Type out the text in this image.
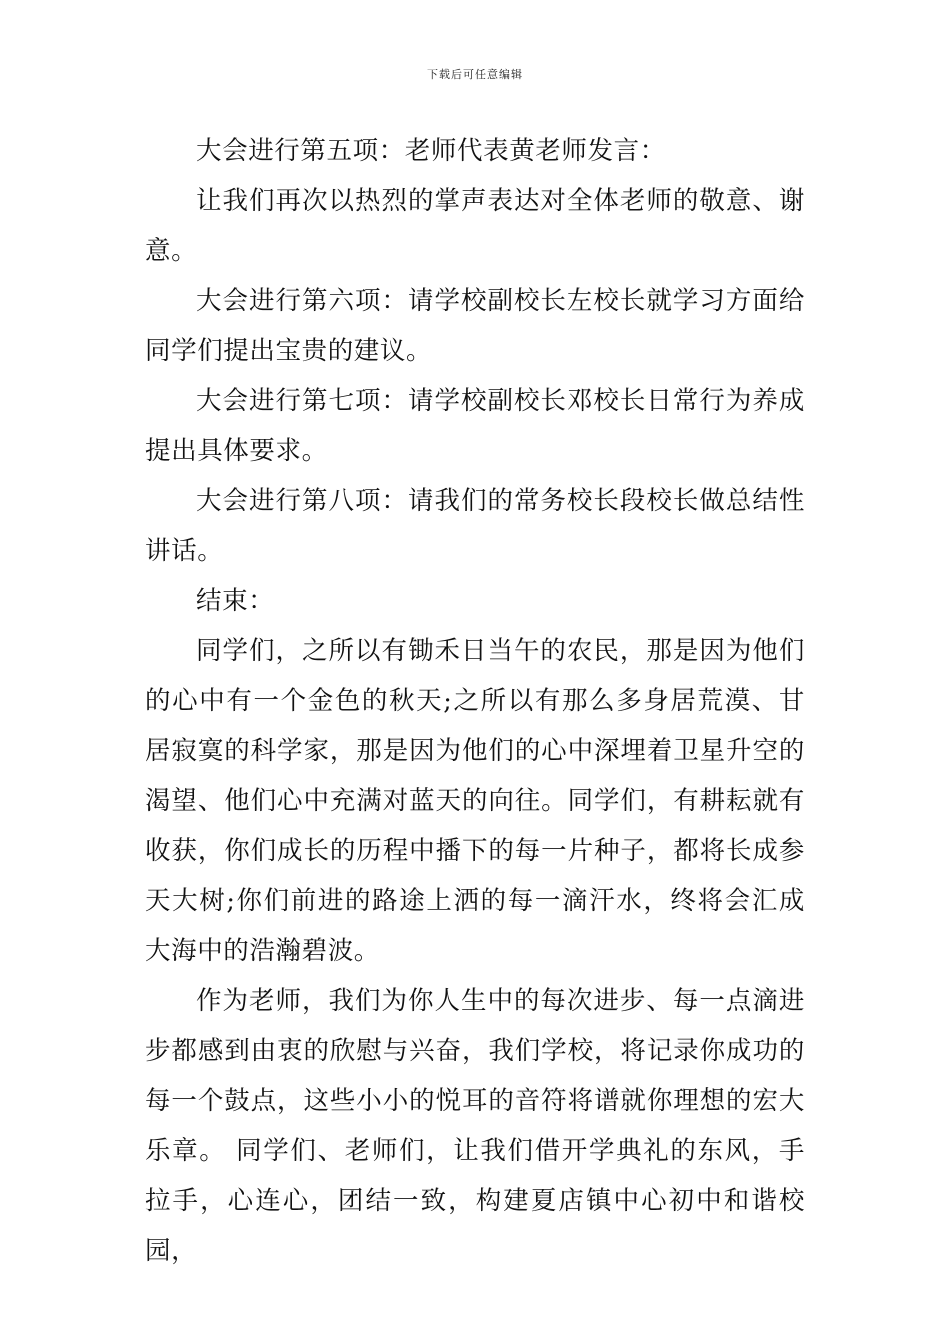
下载后可任意编辑

大会进行第五项：老师代表黄老师发言：

让我们再次以热烈的掌声表达对全体老师的敬意、谢意。

大会进行第六项：请学校副校长左校长就学习方面给同学们提出宝贵的建议。

大会进行第七项：请学校副校长邓校长日常行为养成提出具体要求。

大会进行第八项：请我们的常务校长段校长做总结性讲话。

结束：

同学们，之所以有锄禾日当午的农民，那是因为他们的心中有一个金色的秋天;之所以有那么多身居荒漠、甘居寂寞的科学家，那是因为他们的心中深埋着卫星升空的渴望、他们心中充满对蓝天的向往。同学们，有耕耘就有收获，你们成长的历程中播下的每一片种子，都将长成参天大树;你们前进的路途上洒的每一滴汗水，终将会汇成大海中的浩瀚碧波。

作为老师，我们为你人生中的每次进步、每一点滴进步都感到由衷的欣慰与兴奋，我们学校，将记录你成功的每一个鼓点，这些小小的悦耳的音符将谱就你理想的宏大乐章。 同学们、老师们，让我们借开学典礼的东风，手拉手，心连心，团结一致，构建夏店镇中心初中和谐校园，
